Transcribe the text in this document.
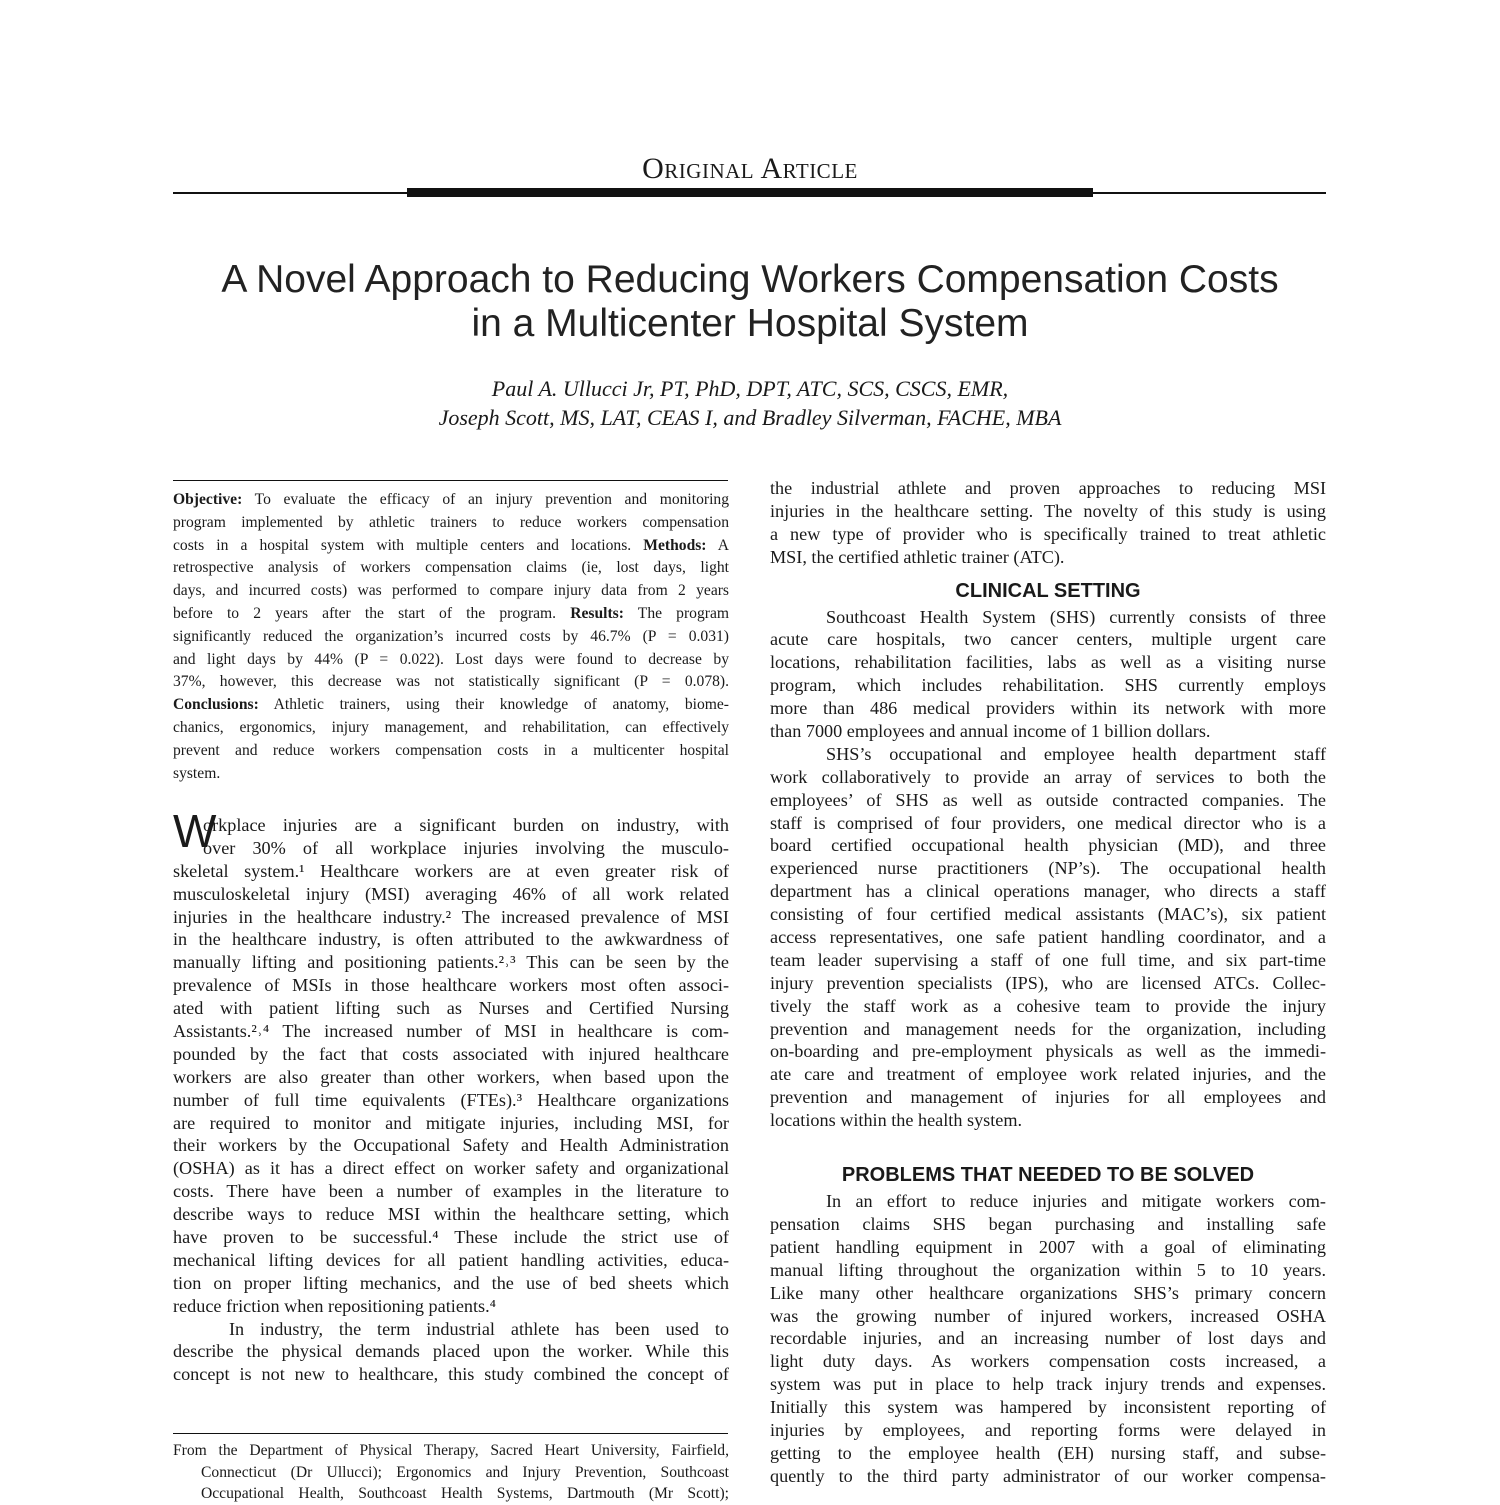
Original Article
A Novel Approach to Reducing Workers Compensation Costs
in a Multicenter Hospital System
Paul A. Ullucci Jr, PT, PhD, DPT, ATC, SCS, CSCS, EMR,
Joseph Scott, MS, LAT, CEAS I, and Bradley Silverman, FACHE, MBA
Objective: To evaluate the efficacy of an injury prevention and monitoring
program implemented by athletic trainers to reduce workers compensation
costs in a hospital system with multiple centers and locations. Methods: A
retrospective analysis of workers compensation claims (ie, lost days, light
days, and incurred costs) was performed to compare injury data from 2 years
before to 2 years after the start of the program. Results: The program
significantly reduced the organization’s incurred costs by 46.7% (P = 0.031)
and light days by 44% (P = 0.022). Lost days were found to decrease by
37%, however, this decrease was not statistically significant (P = 0.078).
Conclusions: Athletic trainers, using their knowledge of anatomy, biome-
chanics, ergonomics, injury management, and rehabilitation, can effectively
prevent and reduce workers compensation costs in a multicenter hospital
system.
W
orkplace injuries are a significant burden on industry, with
over 30% of all workplace injuries involving the musculo-
skeletal system.¹ Healthcare workers are at even greater risk of
musculoskeletal injury (MSI) averaging 46% of all work related
injuries in the healthcare industry.² The increased prevalence of MSI
in the healthcare industry, is often attributed to the awkwardness of
manually lifting and positioning patients.²˒³ This can be seen by the
prevalence of MSIs in those healthcare workers most often associ-
ated with patient lifting such as Nurses and Certified Nursing
Assistants.²˒⁴ The increased number of MSI in healthcare is com-
pounded by the fact that costs associated with injured healthcare
workers are also greater than other workers, when based upon the
number of full time equivalents (FTEs).³ Healthcare organizations
are required to monitor and mitigate injuries, including MSI, for
their workers by the Occupational Safety and Health Administration
(OSHA) as it has a direct effect on worker safety and organizational
costs. There have been a number of examples in the literature to
describe ways to reduce MSI within the healthcare setting, which
have proven to be successful.⁴ These include the strict use of
mechanical lifting devices for all patient handling activities, educa-
tion on proper lifting mechanics, and the use of bed sheets which
reduce friction when repositioning patients.⁴
In industry, the term industrial athlete has been used to
describe the physical demands placed upon the worker. While this
concept is not new to healthcare, this study combined the concept of
From the Department of Physical Therapy, Sacred Heart University, Fairfield,
Connecticut (Dr Ullucci); Ergonomics and Injury Prevention, Southcoast
Occupational Health, Southcoast Health Systems, Dartmouth (Mr Scott);
the industrial athlete and proven approaches to reducing MSI
injuries in the healthcare setting. The novelty of this study is using
a new type of provider who is specifically trained to treat athletic
MSI, the certified athletic trainer (ATC).
CLINICAL SETTING
Southcoast Health System (SHS) currently consists of three
acute care hospitals, two cancer centers, multiple urgent care
locations, rehabilitation facilities, labs as well as a visiting nurse
program, which includes rehabilitation. SHS currently employs
more than 486 medical providers within its network with more
than 7000 employees and annual income of 1 billion dollars.
SHS’s occupational and employee health department staff
work collaboratively to provide an array of services to both the
employees’ of SHS as well as outside contracted companies. The
staff is comprised of four providers, one medical director who is a
board certified occupational health physician (MD), and three
experienced nurse practitioners (NP’s). The occupational health
department has a clinical operations manager, who directs a staff
consisting of four certified medical assistants (MAC’s), six patient
access representatives, one safe patient handling coordinator, and a
team leader supervising a staff of one full time, and six part-time
injury prevention specialists (IPS), who are licensed ATCs. Collec-
tively the staff work as a cohesive team to provide the injury
prevention and management needs for the organization, including
on-boarding and pre-employment physicals as well as the immedi-
ate care and treatment of employee work related injuries, and the
prevention and management of injuries for all employees and
locations within the health system.
PROBLEMS THAT NEEDED TO BE SOLVED
In an effort to reduce injuries and mitigate workers com-
pensation claims SHS began purchasing and installing safe
patient handling equipment in 2007 with a goal of eliminating
manual lifting throughout the organization within 5 to 10 years.
Like many other healthcare organizations SHS’s primary concern
was the growing number of injured workers, increased OSHA
recordable injuries, and an increasing number of lost days and
light duty days. As workers compensation costs increased, a
system was put in place to help track injury trends and expenses.
Initially this system was hampered by inconsistent reporting of
injuries by employees, and reporting forms were delayed in
getting to the employee health (EH) nursing staff, and subse-
quently to the third party administrator of our worker compensa-
